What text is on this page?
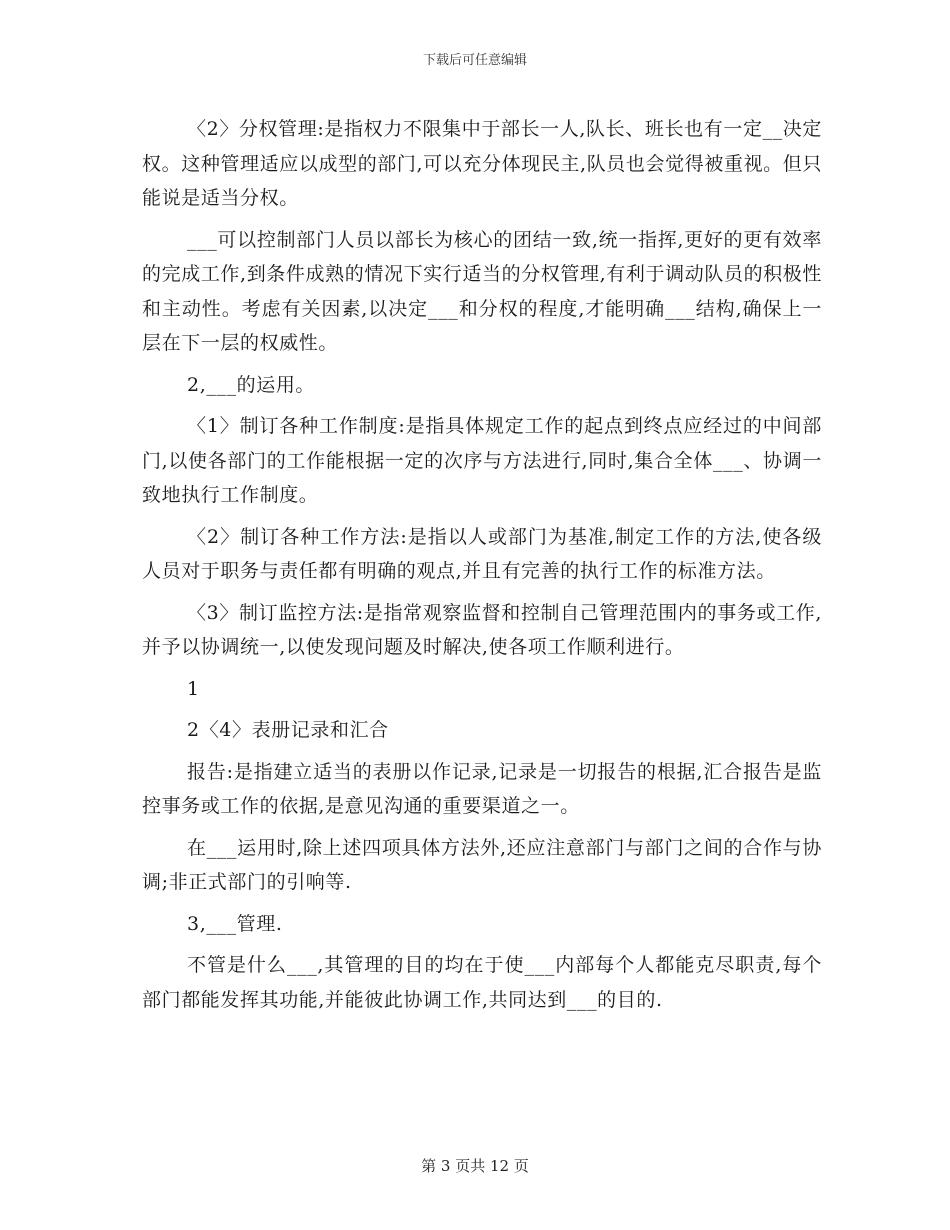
下载后可任意编辑

〈2〉分权管理:是指权力不限集中于部长一人,队长、班长也有一定__决定权。这种管理适应以成型的部门,可以充分体现民主,队员也会觉得被重视。但只能说是适当分权。

___可以控制部门人员以部长为核心的团结一致,统一指挥,更好的更有效率的完成工作,到条件成熟的情况下实行适当的分权管理,有利于调动队员的积极性和主动性。考虑有关因素,以决定___和分权的程度,才能明确___结构,确保上一层在下一层的权威性。

2,___的运用。

〈1〉制订各种工作制度:是指具体规定工作的起点到终点应经过的中间部门,以使各部门的工作能根据一定的次序与方法进行,同时,集合全体___、协调一致地执行工作制度。

〈2〉制订各种工作方法:是指以人或部门为基准,制定工作的方法,使各级人员对于职务与责任都有明确的观点,并且有完善的执行工作的标准方法。

〈3〉制订监控方法:是指常观察监督和控制自己管理范围内的事务或工作,并予以协调统一,以使发现问题及时解决,使各项工作顺利进行。

1

2〈4〉表册记录和汇合

报告:是指建立适当的表册以作记录,记录是一切报告的根据,汇合报告是监控事务或工作的依据,是意见沟通的重要渠道之一。

在___运用时,除上述四项具体方法外,还应注意部门与部门之间的合作与协调;非正式部门的引响等.

3,___管理.

不管是什么___,其管理的目的均在于使___内部每个人都能克尽职责,每个部门都能发挥其功能,并能彼此协调工作,共同达到___的目的.

第 3 页共 12 页
